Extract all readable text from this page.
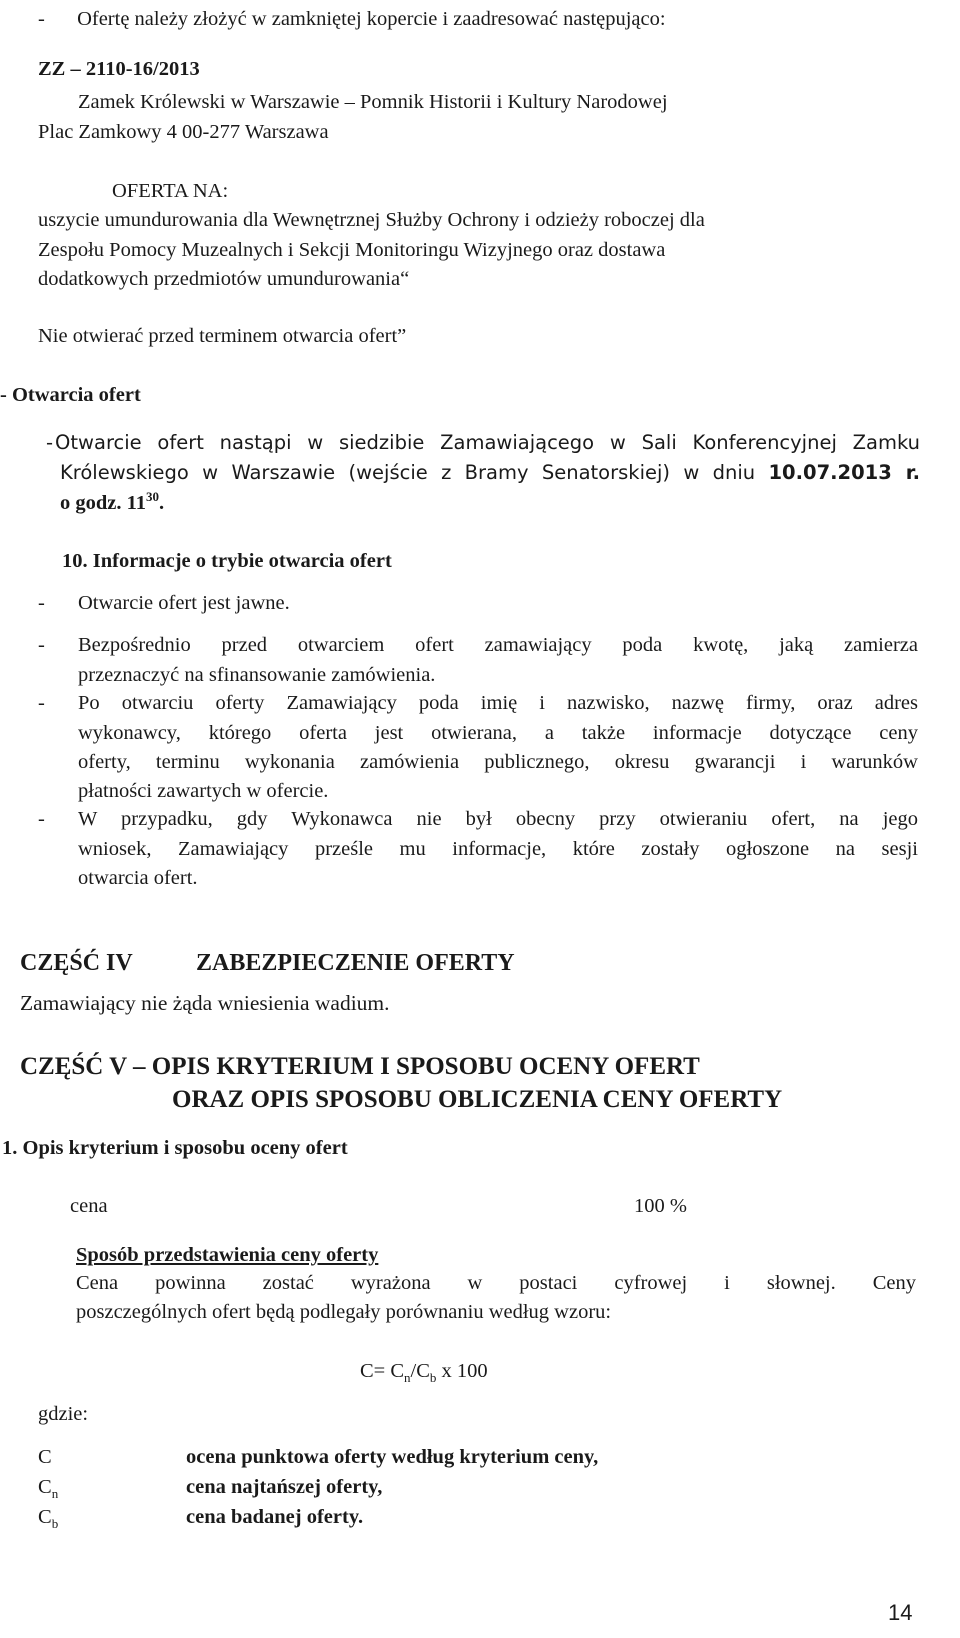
- Ofertę należy złożyć w zamkniętej kopercie i zaadresować następująco:
ZZ – 2110-16/2013
Zamek Królewski w Warszawie – Pomnik Historii i Kultury Narodowej
Plac Zamkowy 4 00-277 Warszawa
OFERTA NA:
uszycie umundurowania dla Wewnętrznej Służby Ochrony i odzieży roboczej dla
Zespołu Pomocy Muzealnych i Sekcji Monitoringu Wizyjnego oraz dostawa
dodatkowych przedmiotów umundurowania“
Nie otwierać przed terminem otwarcia ofert”
- Otwarcia ofert
- Otwarcie ofert nastąpi w siedzibie Zamawiającego w Sali Konferencyjnej Zamku
Królewskiego w Warszawie (wejście z Bramy Senatorskiej) w dniu 10.07.2013 r.
o godz. $11^{30}$.
10. Informacje o trybie otwarcia ofert
- Otwarcie ofert jest jawne.
- Bezpośrednio przed otwarciem ofert zamawiający poda kwotę, jaką zamierza
przeznaczyć na sfinansowanie zamówienia.
- Po otwarciu oferty Zamawiający poda imię i nazwisko, nazwę firmy, oraz adres
wykonawcy, którego oferta jest otwierana, a także informacje dotyczące ceny
oferty, terminu wykonania zamówienia publicznego, okresu gwarancji i warunków
płatności zawartych w ofercie.
- W przypadku, gdy Wykonawca nie był obecny przy otwieraniu ofert, na jego
wniosek, Zamawiający prześle mu informacje, które zostały ogłoszone na sesji
otwarcia ofert.
CZĘŚĆ IV	ZABEZPIECZENIE OFERTY
Zamawiający nie żąda wniesienia wadium.
CZĘŚĆ V – OPIS KRYTERIUM I SPOSOBU OCENY OFERT
ORAZ OPIS SPOSOBU OBLICZENIA CENY OFERTY
1. Opis kryterium i sposobu oceny ofert
cena	100 %
Sposób przedstawienia ceny oferty
Cena powinna zostać wyrażona w postaci cyfrowej i słownej. Ceny
poszczególnych ofert będą podlegały porównaniu według wzoru:
$C= C_n/C_b$ x 100
gdzie:
C	ocena punktowa oferty według kryterium ceny,
$C_n$	cena najtańszej oferty,
$C_b$	cena badanej oferty.
14
